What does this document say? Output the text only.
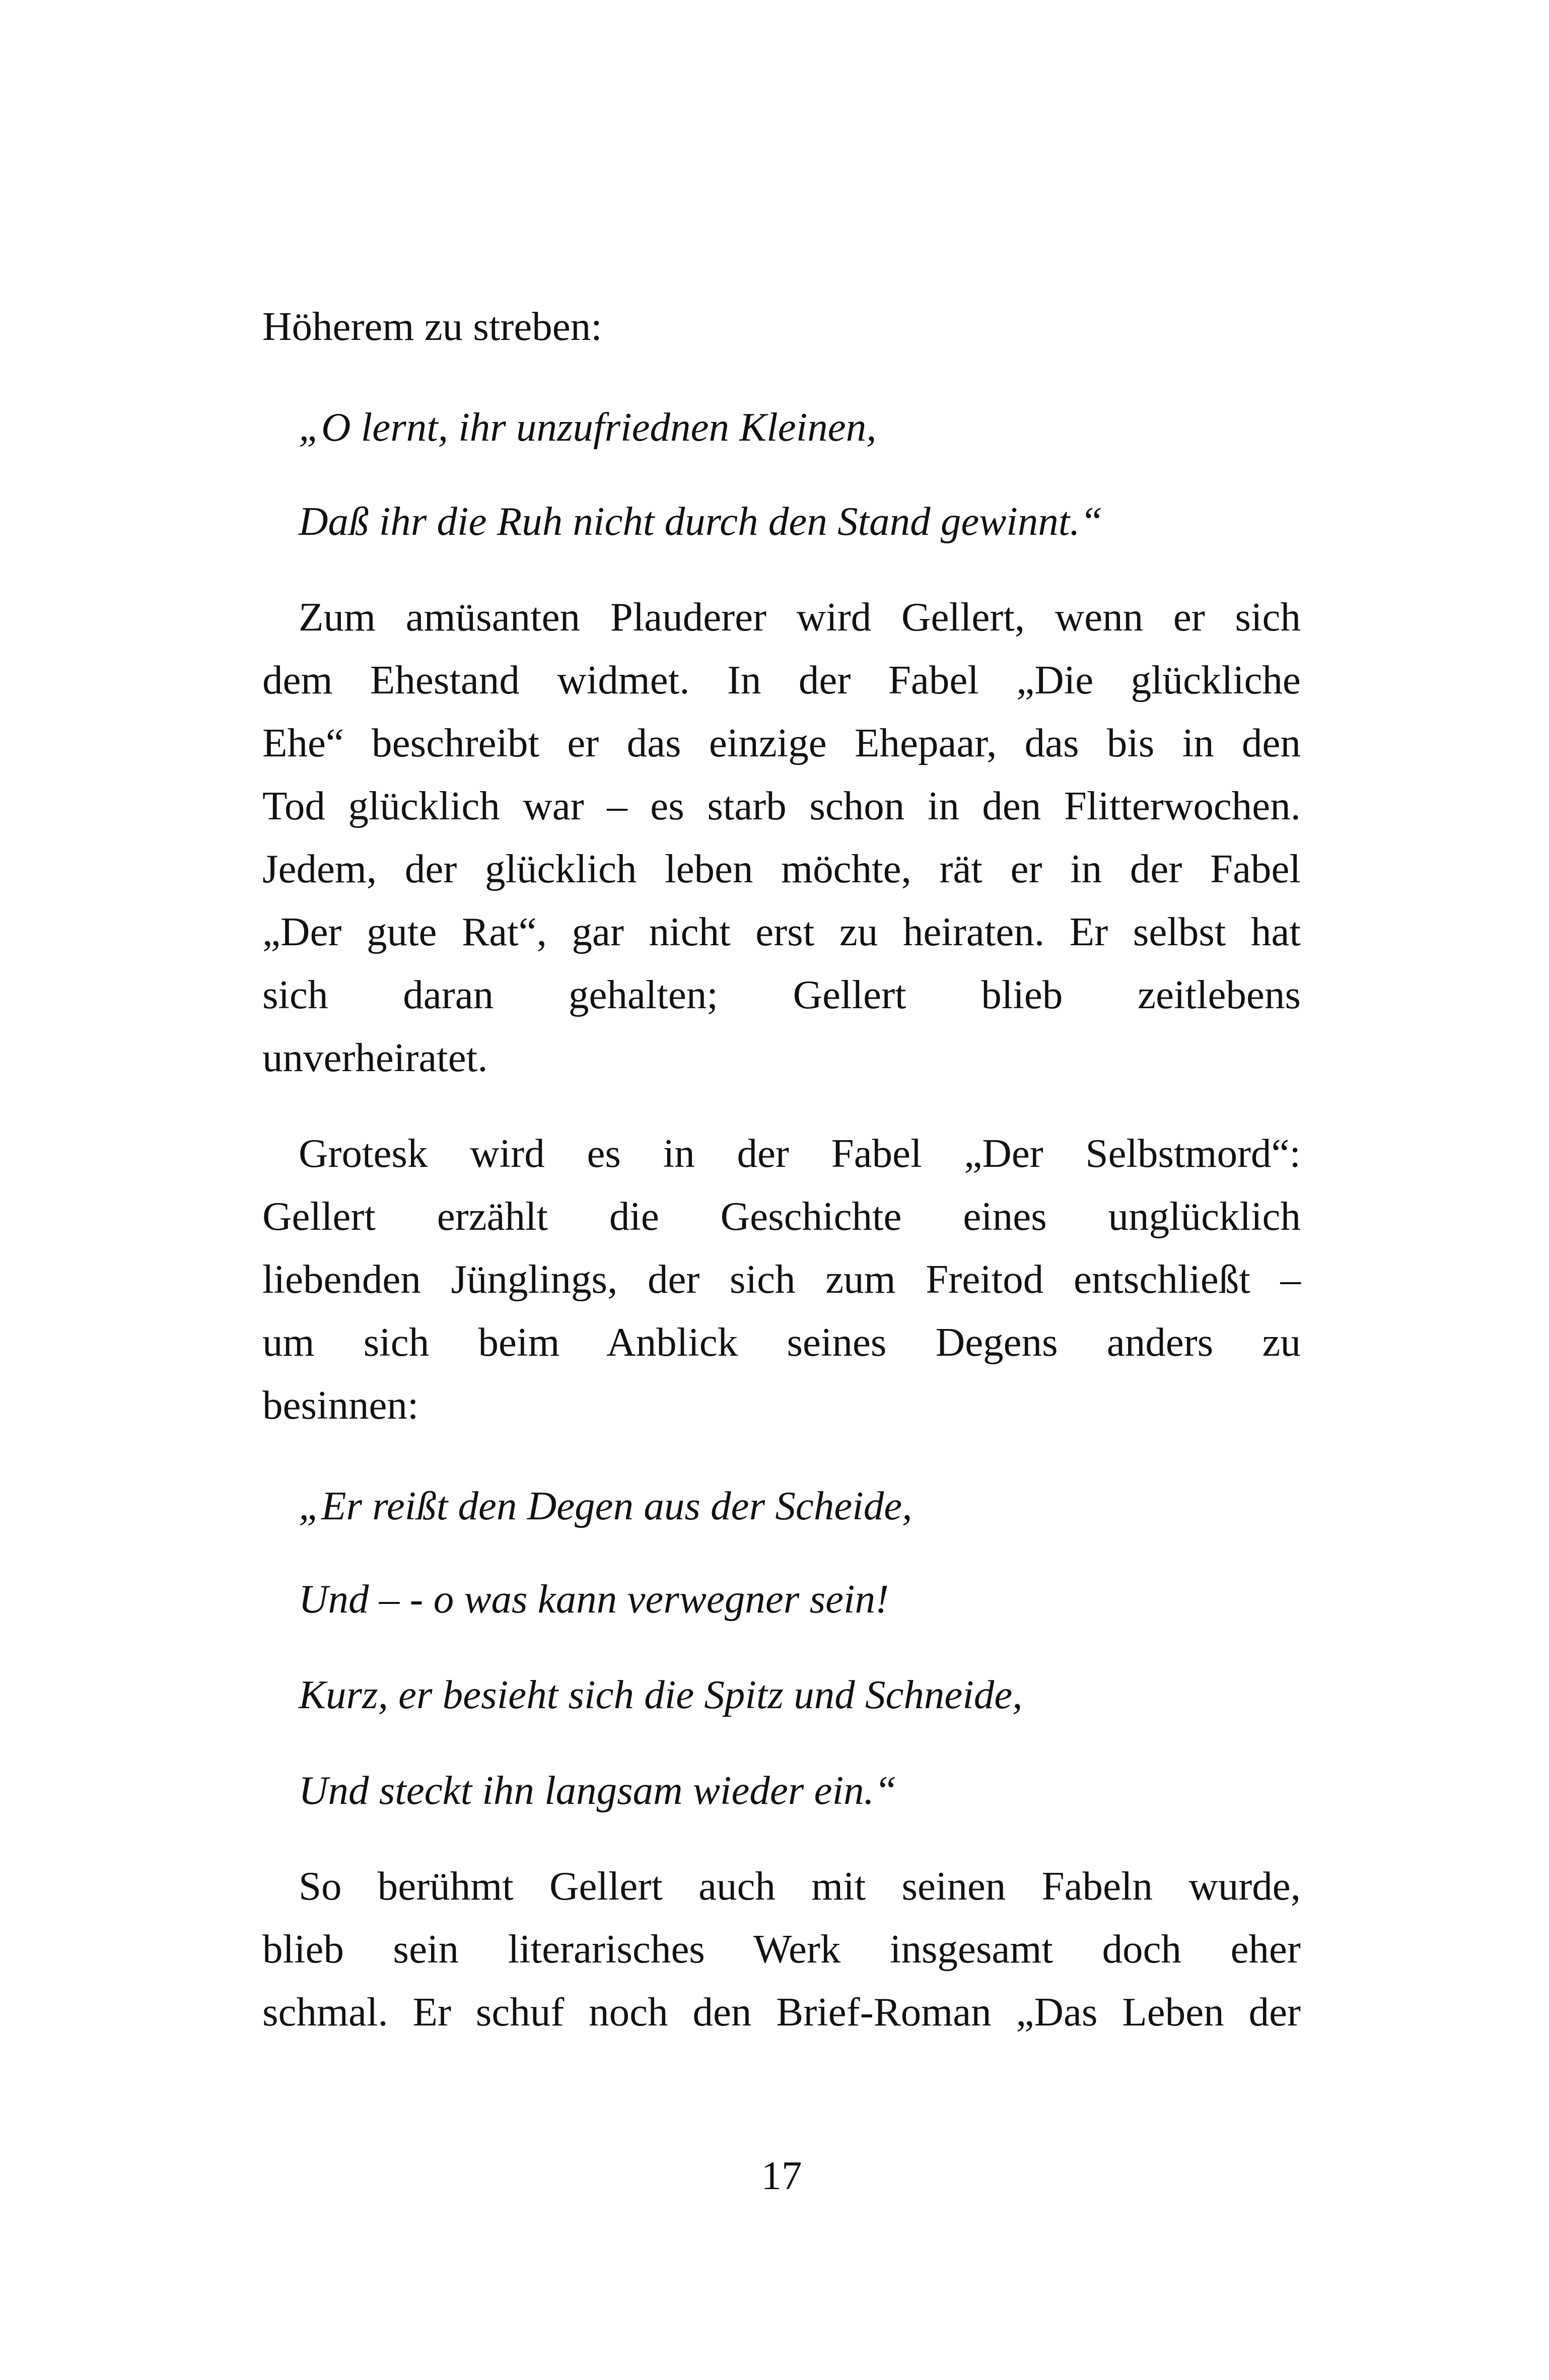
Höherem zu streben:
„O lernt, ihr unzufriednen Kleinen,
Daß ihr die Ruh nicht durch den Stand gewinnt.“
Zum amüsanten Plauderer wird Gellert, wenn er sich
dem Ehestand widmet. In der Fabel „Die glückliche
Ehe“ beschreibt er das einzige Ehepaar, das bis in den
Tod glücklich war – es starb schon in den Flitterwochen.
Jedem, der glücklich leben möchte, rät er in der Fabel
„Der gute Rat“, gar nicht erst zu heiraten. Er selbst hat
sich daran gehalten; Gellert blieb zeitlebens
unverheiratet.
Grotesk wird es in der Fabel „Der Selbstmord“:
Gellert erzählt die Geschichte eines unglücklich
liebenden Jünglings, der sich zum Freitod entschließt –
um sich beim Anblick seines Degens anders zu
besinnen:
„Er reißt den Degen aus der Scheide,
Und – - o was kann verwegner sein!
Kurz, er besieht sich die Spitz und Schneide,
Und steckt ihn langsam wieder ein.“
So berühmt Gellert auch mit seinen Fabeln wurde,
blieb sein literarisches Werk insgesamt doch eher
schmal. Er schuf noch den Brief-Roman „Das Leben der
17
